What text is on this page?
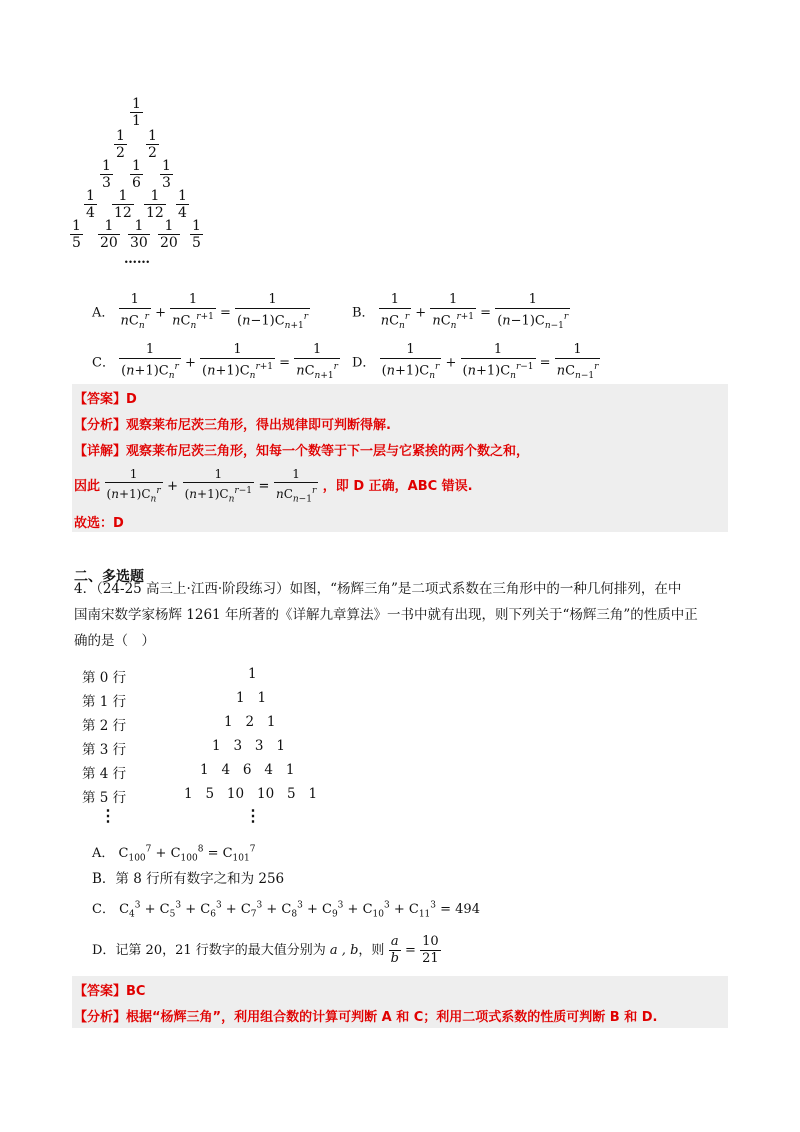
$\frac{1}{1}$
$\frac{1}{2} \frac{1}{2}$
$\frac{1}{3} \frac{1}{6} \frac{1}{3}$
$\frac{1}{4} \frac{1}{12} \frac{1}{12} \frac{1}{4}$
$\frac{1}{5} \frac{1}{20} \frac{1}{30} \frac{1}{20} \frac{1}{5}$
……
A． $\frac{1}{nC_n^r} + \frac{1}{nC_n^{r+1}} = \frac{1}{(n-1)C_{n+1}^r}$	B． $\frac{1}{nC_n^r} + \frac{1}{nC_n^{r+1}} = \frac{1}{(n-1)C_{n-1}^r}$
C． $\frac{1}{(n+1)C_n^r} + \frac{1}{(n+1)C_n^{r+1}} = \frac{1}{nC_{n+1}^r}$ D． $\frac{1}{(n+1)C_n^r} + \frac{1}{(n+1)C_n^{r-1}} = \frac{1}{nC_{n-1}^r}$
【答案】D
【分析】观察莱布尼茨三角形，得出规律即可判断得解.
【详解】观察莱布尼茨三角形，知每一个数等于下一层与它紧挨的两个数之和，
因此 $\frac{1}{(n+1)C_n^r} + \frac{1}{(n+1)C_n^{r-1}} = \frac{1}{nC_{n-1}^r}$ ，即 D 正确，ABC 错误.
故选：D
二、多选题
4．（24-25 高三上·江西·阶段练习）如图，“杨辉三角”是二项式系数在三角形中的一种几何排列，在中
国南宋数学家杨辉 1261 年所著的《详解九章算法》一书中就有出现，则下列关于“杨辉三角”的性质中正
确的是（　）
第 0 行	1
第 1 行	1   1
第 2 行	1   2   1
第 3 行	1   3   3   1
第 4 行	1   4   6   4   1
第 5 行	1   5   10   10   5   1
⋮	⋮
A． $C_{100}^7 + C_{100}^8 = C_{101}^7$
B．第 8 行所有数字之和为 256
C． $C_4^3 + C_5^3 + C_6^3 + C_7^3 + C_8^3 + C_9^3 + C_{10}^3 + C_{11}^3 = 494$
D．记第 20，21 行数字的最大值分别为 a , b，则 $\frac{a}{b} = \frac{10}{21}$
【答案】BC
【分析】根据“杨辉三角”，利用组合数的计算可判断 A 和 C；利用二项式系数的性质可判断 B 和 D.
